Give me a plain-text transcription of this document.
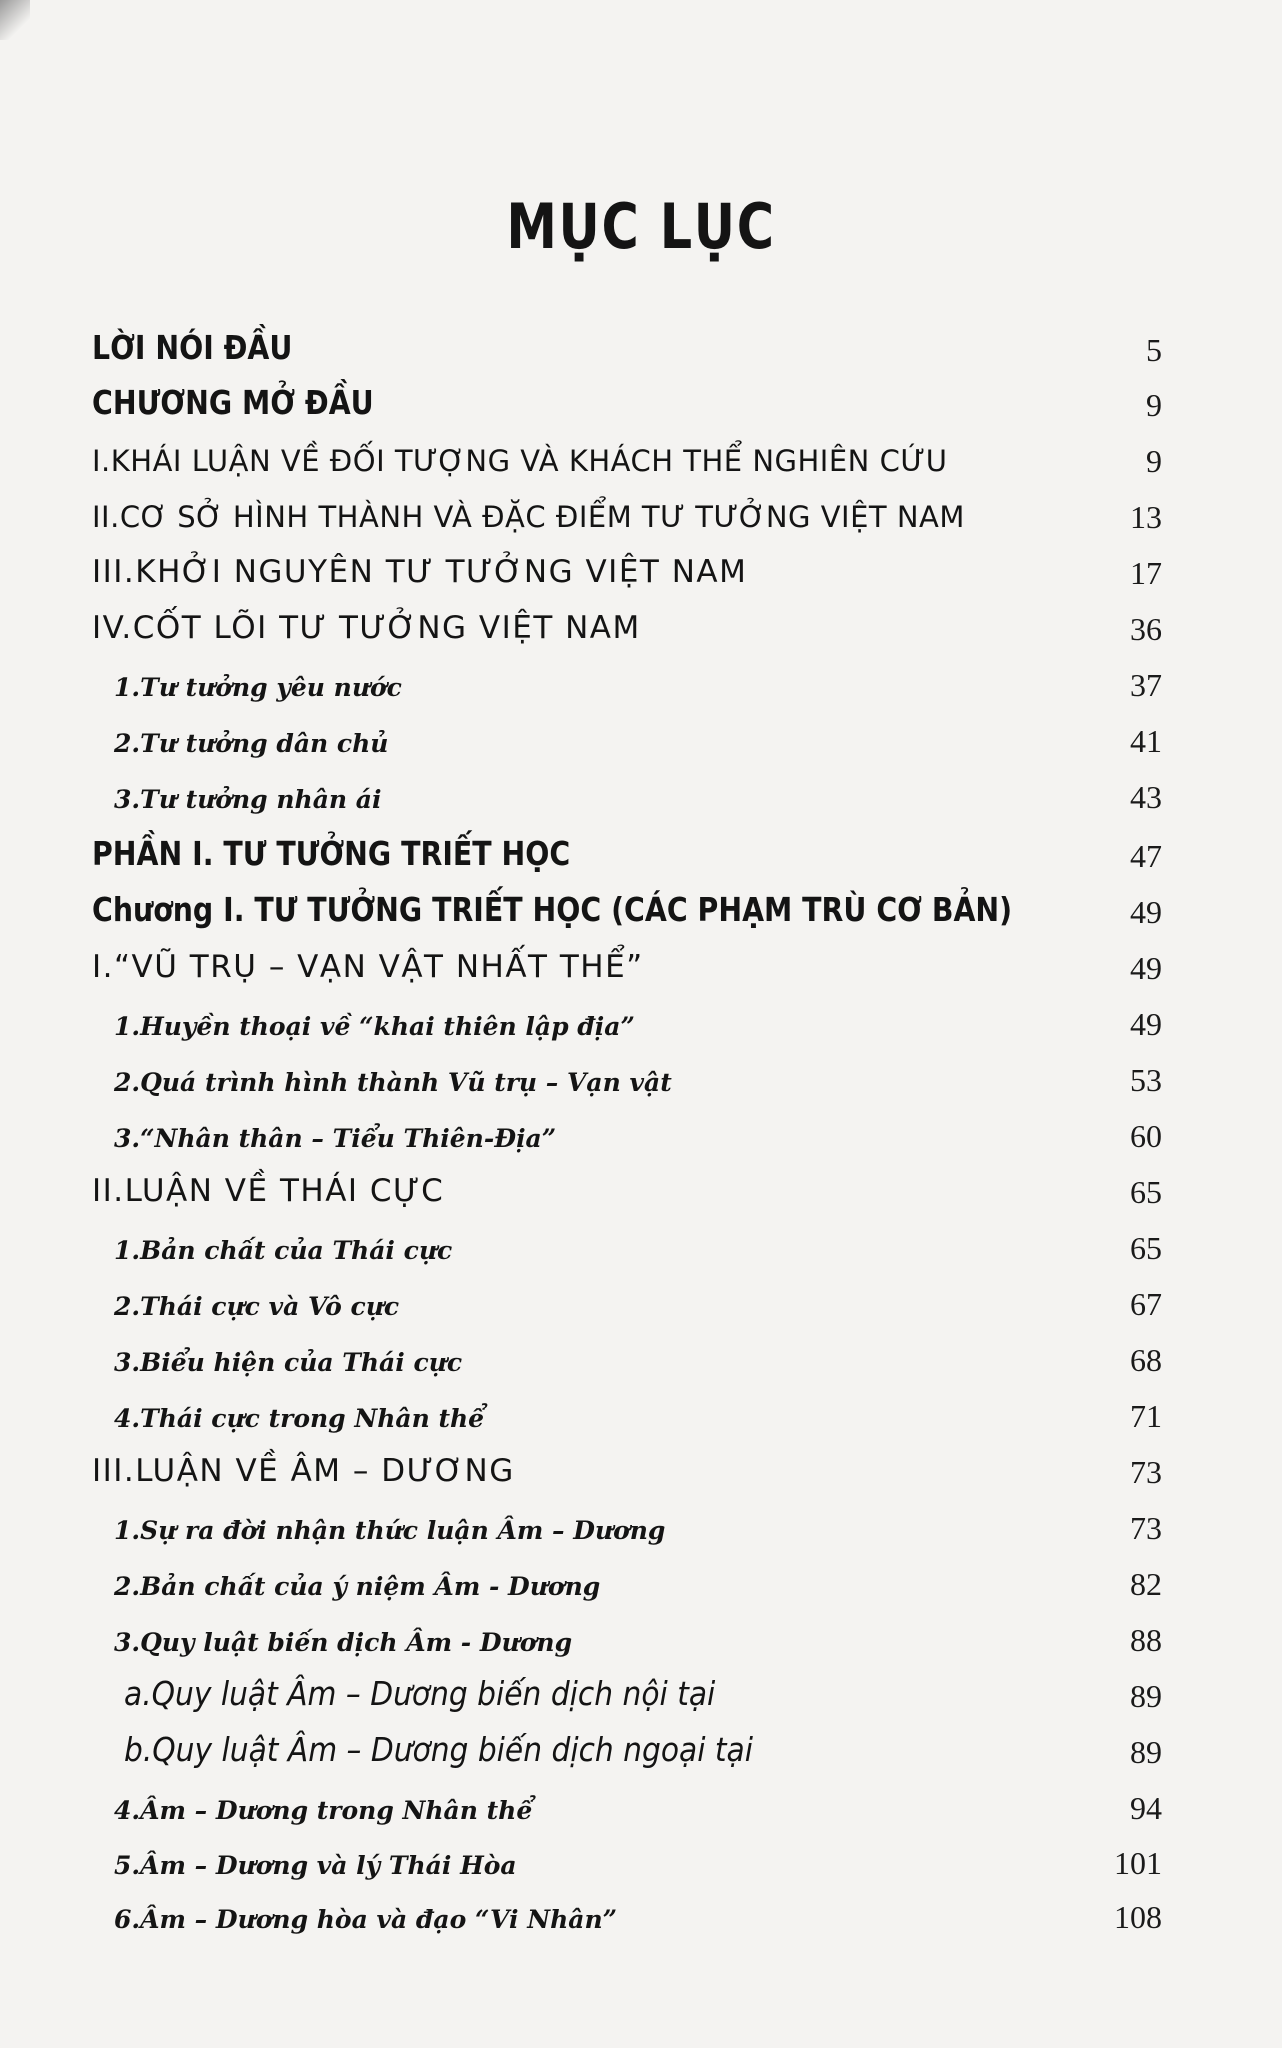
MỤC LỤC
LỜI NÓI ĐẦU	5
CHƯƠNG MỞ ĐẦU	9
I.KHÁI LUẬN VỀ ĐỐI TƯỢNG VÀ KHÁCH THỂ NGHIÊN CỨU	9
II.CƠ SỞ HÌNH THÀNH VÀ ĐẶC ĐIỂM TƯ TƯỞNG VIỆT NAM	13
III.KHỞI NGUYÊN TƯ TƯỞNG VIỆT NAM	17
IV.CỐT LÕI TƯ TƯỞNG VIỆT NAM	36
1.Tư tưởng yêu nước	37
2.Tư tưởng dân chủ	41
3.Tư tưởng nhân ái	43
PHẦN I. TƯ TƯỞNG TRIẾT HỌC	47
Chương I. TƯ TƯỞNG TRIẾT HỌC (CÁC PHẠM TRÙ CƠ BẢN)	49
I.“VŨ TRỤ – VẠN VẬT NHẤT THỂ”	49
1.Huyền thoại về “khai thiên lập địa”	49
2.Quá trình hình thành Vũ trụ – Vạn vật	53
3.“Nhân thân – Tiểu Thiên-Địa”	60
II.LUẬN VỀ THÁI CỰC	65
1.Bản chất của Thái cực	65
2.Thái cực và Vô cực	67
3.Biểu hiện của Thái cực	68
4.Thái cực trong Nhân thể	71
III.LUẬN VỀ ÂM – DƯƠNG	73
1.Sự ra đời nhận thức luận Âm – Dương	73
2.Bản chất của ý niệm Âm - Dương	82
3.Quy luật biến dịch Âm - Dương	88
a.Quy luật Âm – Dương biến dịch nội tại	89
b.Quy luật Âm – Dương biến dịch ngoại tại	89
4.Âm – Dương trong Nhân thể	94
5.Âm – Dương và lý Thái Hòa	101
6.Âm – Dương hòa và đạo “Vi Nhân”	108
